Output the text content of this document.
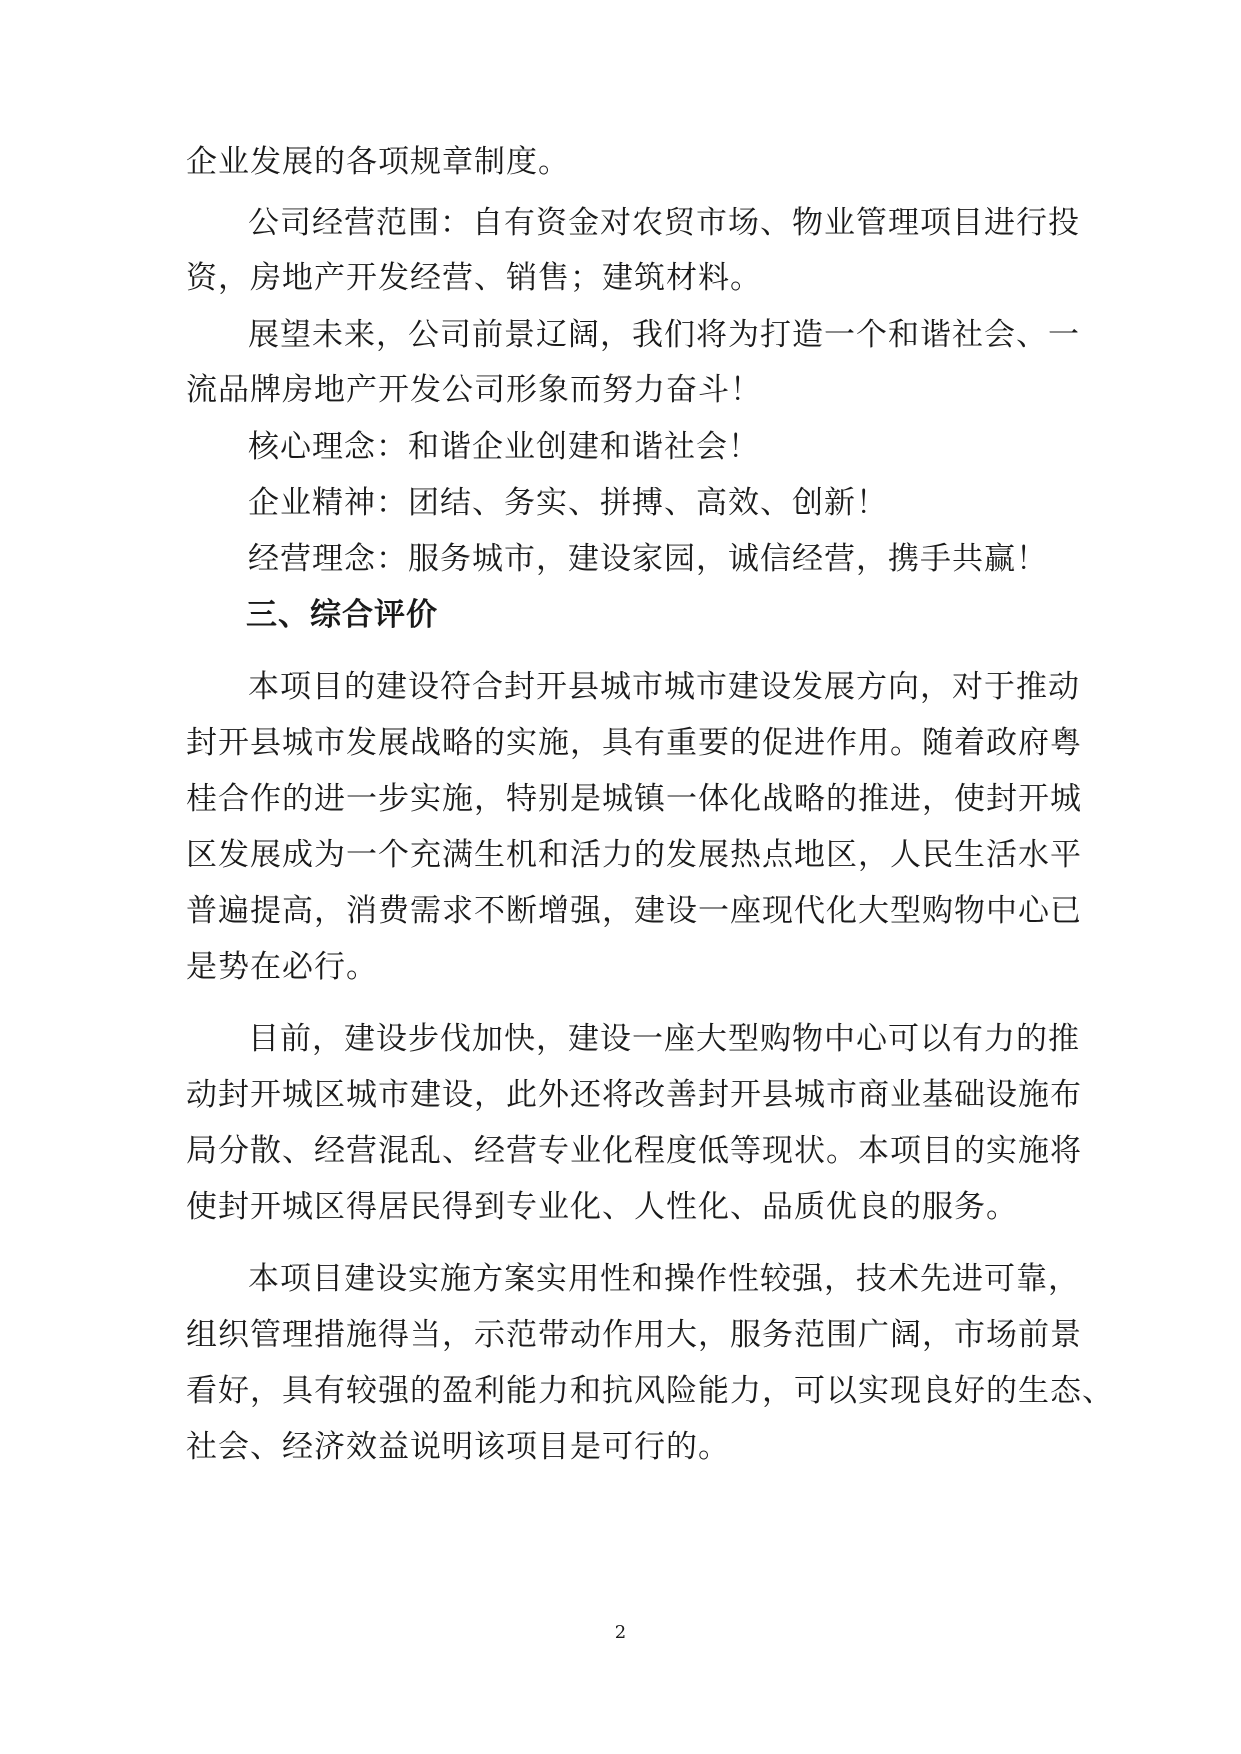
企业发展的各项规章制度。
公司经营范围：自有资金对农贸市场、物业管理项目进行投
资，房地产开发经营、销售；建筑材料。
展望未来，公司前景辽阔，我们将为打造一个和谐社会、一
流品牌房地产开发公司形象而努力奋斗！
核心理念：和谐企业创建和谐社会！
企业精神：团结、务实、拼搏、高效、创新！
经营理念：服务城市，建设家园，诚信经营，携手共赢！
三、综合评价
本项目的建设符合封开县城市城市建设发展方向，对于推动
封开县城市发展战略的实施，具有重要的促进作用。随着政府粤
桂合作的进一步实施，特别是城镇一体化战略的推进，使封开城
区发展成为一个充满生机和活力的发展热点地区，人民生活水平
普遍提高，消费需求不断增强，建设一座现代化大型购物中心已
是势在必行。
目前，建设步伐加快，建设一座大型购物中心可以有力的推
动封开城区城市建设，此外还将改善封开县城市商业基础设施布
局分散、经营混乱、经营专业化程度低等现状。本项目的实施将
使封开城区得居民得到专业化、人性化、品质优良的服务。
本项目建设实施方案实用性和操作性较强，技术先进可靠，
组织管理措施得当，示范带动作用大，服务范围广阔，市场前景
看好，具有较强的盈利能力和抗风险能力，可以实现良好的生态、
社会、经济效益说明该项目是可行的。
2
